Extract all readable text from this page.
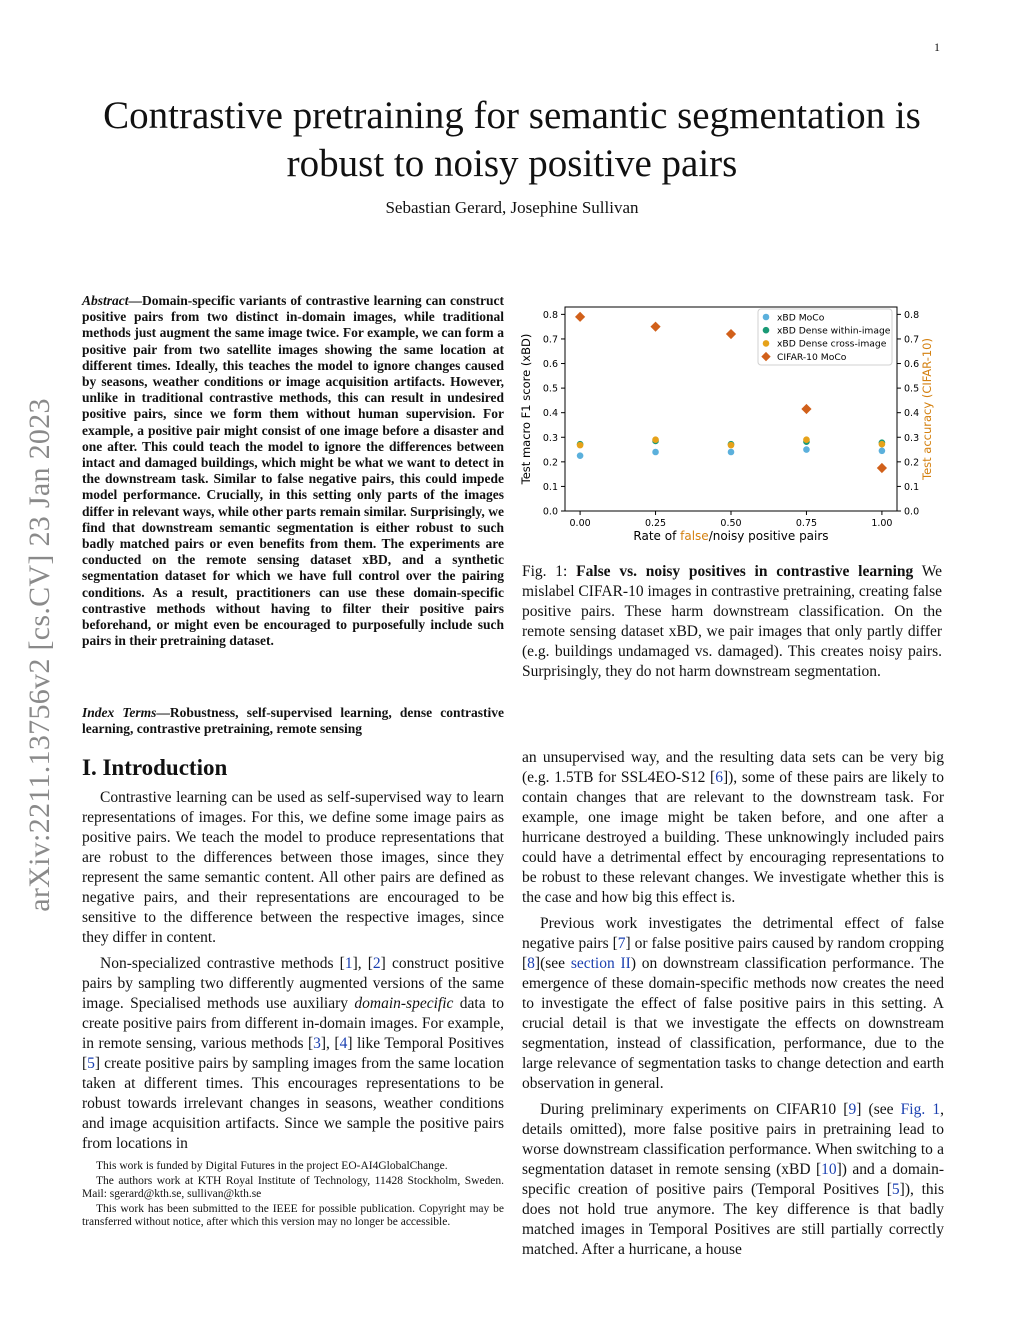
1
arXiv:2211.13756v2 [cs.CV] 23 Jan 2023
Contrastive pretraining for semantic segmentation is robust to noisy positive pairs

Sebastian Gerard, Josephine Sullivan

Abstract—Domain-specific variants of contrastive learning can construct positive pairs from two distinct in-domain images, while traditional methods just augment the same image twice. For example, we can form a positive pair from two satellite images showing the same location at different times. Ideally, this teaches the model to ignore changes caused by seasons, weather conditions or image acquisition artifacts. However, unlike in traditional contrastive methods, this can result in undesired positive pairs, since we form them without human supervision. For example, a positive pair might consist of one image before a disaster and one after. This could teach the model to ignore the differences between intact and damaged buildings, which might be what we want to detect in the downstream task. Similar to false negative pairs, this could impede model performance. Crucially, in this setting only parts of the images differ in relevant ways, while other parts remain similar. Surprisingly, we find that downstream semantic segmentation is either robust to such badly matched pairs or even benefits from them. The experiments are conducted on the remote sensing dataset xBD, and a synthetic segmentation dataset for which we have full control over the pairing conditions. As a result, practitioners can use these domain-specific contrastive methods without having to filter their positive pairs beforehand, or might even be encouraged to purposefully include such pairs in their pretraining dataset.

Index Terms—Robustness, self-supervised learning, dense contrastive learning, contrastive pretraining, remote sensing

I. Introduction

Contrastive learning can be used as self-supervised way to learn representations of images. For this, we define some image pairs as positive pairs. We teach the model to produce representations that are robust to the differences between those images, since they represent the same semantic content. All other pairs are defined as negative pairs, and their representations are encouraged to be sensitive to the difference between the respective images, since they differ in content.

Non-specialized contrastive methods [1], [2] construct positive pairs by sampling two differently augmented versions of the same image. Specialised methods use auxiliary domain-specific data to create positive pairs from different in-domain images. For example, in remote sensing, various methods [3], [4] like Temporal Positives [5] create positive pairs by sampling images from the same location taken at different times. This encourages representations to be robust towards irrelevant changes in seasons, weather conditions and image acquisition artifacts. Since we sample the positive pairs from locations in

This work is funded by Digital Futures in the project EO-AI4GlobalChange.

The authors work at KTH Royal Institute of Technology, 11428 Stockholm, Sweden. Mail: sgerard@kth.se, sullivan@kth.se

This work has been submitted to the IEEE for possible publication. Copyright may be transferred without notice, after which this version may no longer be accessible.

0.0
0.1
0.2
0.3
0.4
0.5
0.6
0.7
0.8
0.0
0.1
0.2
0.3
0.4
0.5
0.6
0.7
0.8
0.00	0.25	0.50	0.75	1.00
Test macro F1 score (xBD)	Test accuracy (CIFAR-10)
Rate of false/noisy positive pairs
xBD MoCo
xBD Dense within-image
xBD Dense cross-image
CIFAR-10 MoCo
Fig. 1: False vs. noisy positives in contrastive learning We mislabel CIFAR-10 images in contrastive pretraining, creating false positive pairs. These harm downstream classification. On the remote sensing dataset xBD, we pair images that only partly differ (e.g. buildings undamaged vs. damaged). This creates noisy pairs. Surprisingly, they do not harm downstream segmentation.

an unsupervised way, and the resulting data sets can be very big (e.g. 1.5TB for SSL4EO-S12 [6]), some of these pairs are likely to contain changes that are relevant to the downstream task. For example, one image might be taken before, and one after a hurricane destroyed a building. These unknowingly included pairs could have a detrimental effect by encouraging representations to be robust to these relevant changes. We investigate whether this is the case and how big this effect is.

Previous work investigates the detrimental effect of false negative pairs [7] or false positive pairs caused by random cropping [8](see section II) on downstream classification performance. The emergence of these domain-specific methods now creates the need to investigate the effect of false positive pairs in this setting. A crucial detail is that we investigate the effects on downstream segmentation, instead of classification, performance, due to the large relevance of segmentation tasks to change detection and earth observation in general.

During preliminary experiments on CIFAR10 [9] (see Fig. 1, details omitted), more false positive pairs in pretraining lead to worse downstream classification performance. When switching to a segmentation dataset in remote sensing (xBD [10]) and a domain-specific creation of positive pairs (Temporal Positives [5]), this does not hold true anymore. The key difference is that badly matched images in Temporal Positives are still partially correctly matched. After a hurricane, a house
